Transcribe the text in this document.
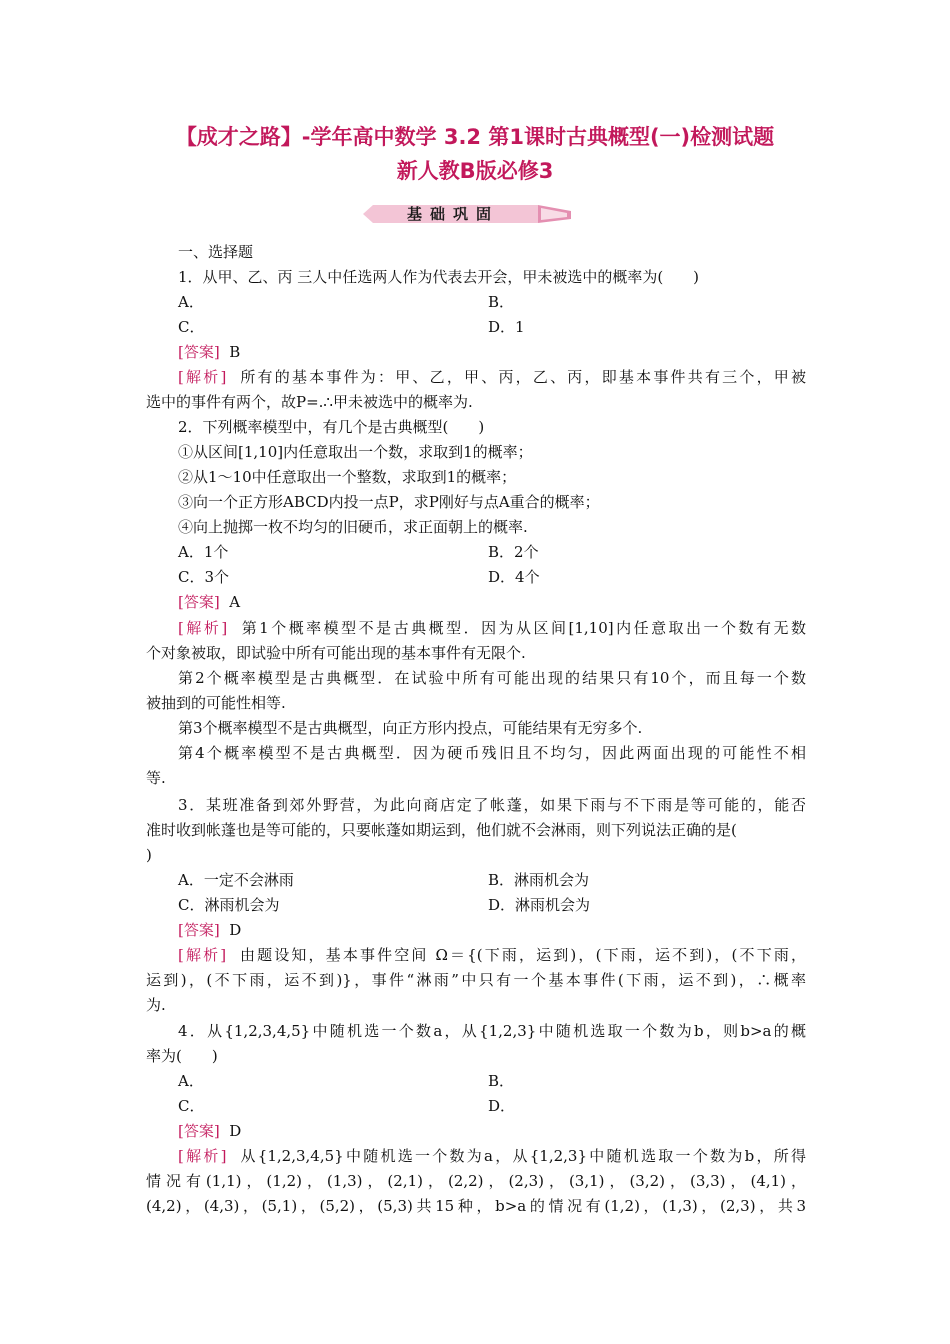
【成才之路】-学年高中数学 3.2 第1课时古典概型(一)检测试题
新人教B版必修3
基础巩固
一、选择题
1．从甲、乙、丙 三人中任选两人作为代表去开会，甲未被选中的概率为(　　)
A．	B．
C．	D．1
[答案] B
[解析] 所有的基本事件为：甲、乙，甲、丙，乙、丙，即基本事件共有三个，甲被
选中的事件有两个，故P=.∴甲未被选中的概率为.
2．下列概率模型中，有几个是古典概型(　　)
①从区间[1,10]内任意取出一个数，求取到1的概率；
②从1～10中任意取出一个整数，求取到1的概率；
③向一个正方形ABCD内投一点P，求P刚好与点A重合的概率；
④向上抛掷一枚不均匀的旧硬币，求正面朝上的概率.
A．1个	B．2个
C．3个	D．4个
[答案] A
[解析] 第1个概率模型不是古典概型．因为从区间[1,10]内任意取出一个数有无数
个对象被取，即试验中所有可能出现的基本事件有无限个.
第2个概率模型是古典概型．在试验中所有可能出现的结果只有10个，而且每一个数
被抽到的可能性相等.
第3个概率模型不是古典概型，向正方形内投点，可能结果有无穷多个.
第4个概率模型不是古典概型．因为硬币残旧且不均匀，因此两面出现的可能性不相
等.
3．某班准备到郊外野营，为此向商店定了帐蓬，如果下雨与不下雨是等可能的，能否
准时收到帐蓬也是等可能的，只要帐蓬如期运到，他们就不会淋雨，则下列说法正确的是(
)
A．一定不会淋雨	B．淋雨机会为
C．淋雨机会为	D．淋雨机会为
[答案] D
[解析] 由题设知，基本事件空间 Ω＝{(下雨，运到)，(下雨，运不到)，(不下雨，
运到)，(不下雨，运不到)}，事件“淋雨”中只有一个基本事件(下雨，运不到)，∴概率
为.
4．从{1,2,3,4,5}中随机选一个数a，从{1,2,3}中随机选取一个数为b，则b>a的概
率为(　　)
A．	B．
C．	D．
[答案] D
[解析] 从{1,2,3,4,5}中随机选一个数为a，从{1,2,3}中随机选取一个数为b，所得
情况有(1,1)，(1,2)，(1,3)，(2,1)，(2,2)，(2,3)，(3,1)，(3,2)，(3,3)，(4,1)，
(4,2)，(4,3)，(5,1)，(5,2)，(5,3)共15种，b>a的情况有(1,2)，(1,3)，(2,3)，共3
